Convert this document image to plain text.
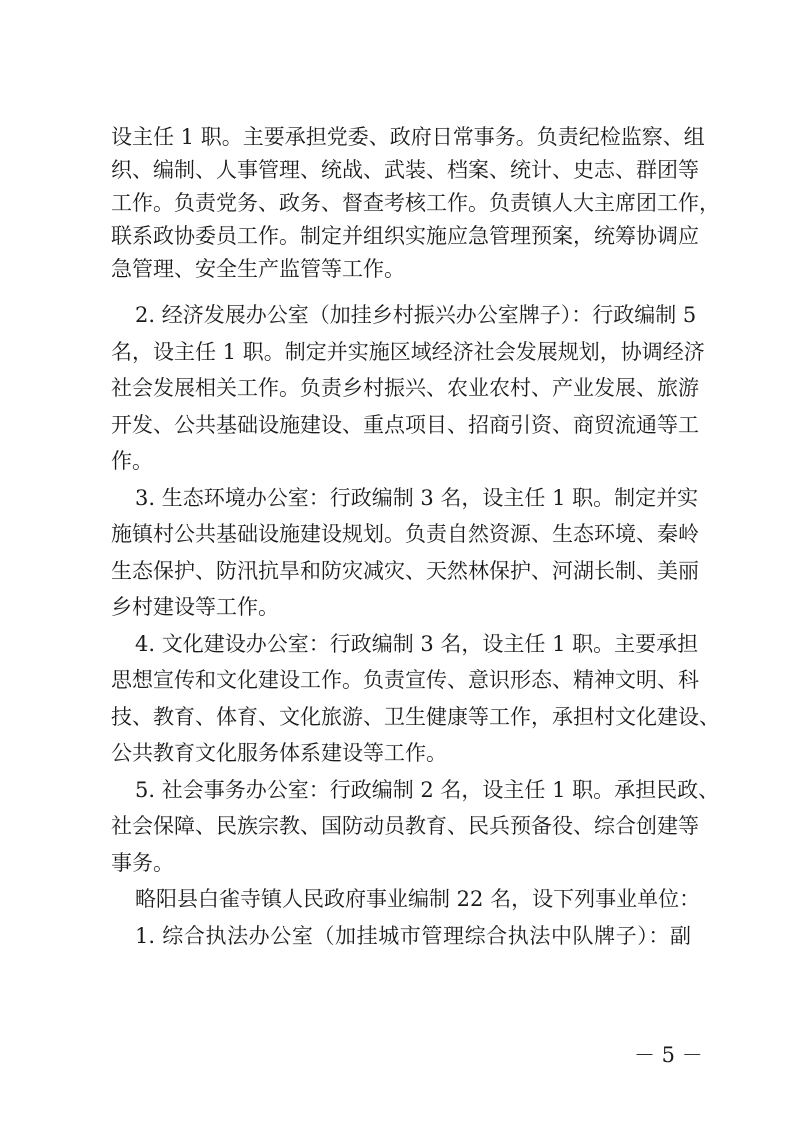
设主任 1 职。主要承担党委、政府日常事务。负责纪检监察、组
织、编制、人事管理、统战、武装、档案、统计、史志、群团等
工作。负责党务、政务、督查考核工作。负责镇人大主席团工作，
联系政协委员工作。制定并组织实施应急管理预案，统筹协调应
急管理、安全生产监管等工作。
2. 经济发展办公室（加挂乡村振兴办公室牌子）：行政编制 5
名，设主任 1 职。制定并实施区域经济社会发展规划，协调经济
社会发展相关工作。负责乡村振兴、农业农村、产业发展、旅游
开发、公共基础设施建设、重点项目、招商引资、商贸流通等工
作。
3. 生态环境办公室：行政编制 3 名，设主任 1 职。制定并实
施镇村公共基础设施建设规划。负责自然资源、生态环境、秦岭
生态保护、防汛抗旱和防灾减灾、天然林保护、河湖长制、美丽
乡村建设等工作。
4. 文化建设办公室：行政编制 3 名，设主任 1 职。主要承担
思想宣传和文化建设工作。负责宣传、意识形态、精神文明、科
技、教育、体育、文化旅游、卫生健康等工作，承担村文化建设、
公共教育文化服务体系建设等工作。
5. 社会事务办公室：行政编制 2 名，设主任 1 职。承担民政、
社会保障、民族宗教、国防动员教育、民兵预备役、综合创建等
事务。
略阳县白雀寺镇人民政府事业编制 22 名，设下列事业单位：
1. 综合执法办公室（加挂城市管理综合执法中队牌子）：副
－ 5 －
